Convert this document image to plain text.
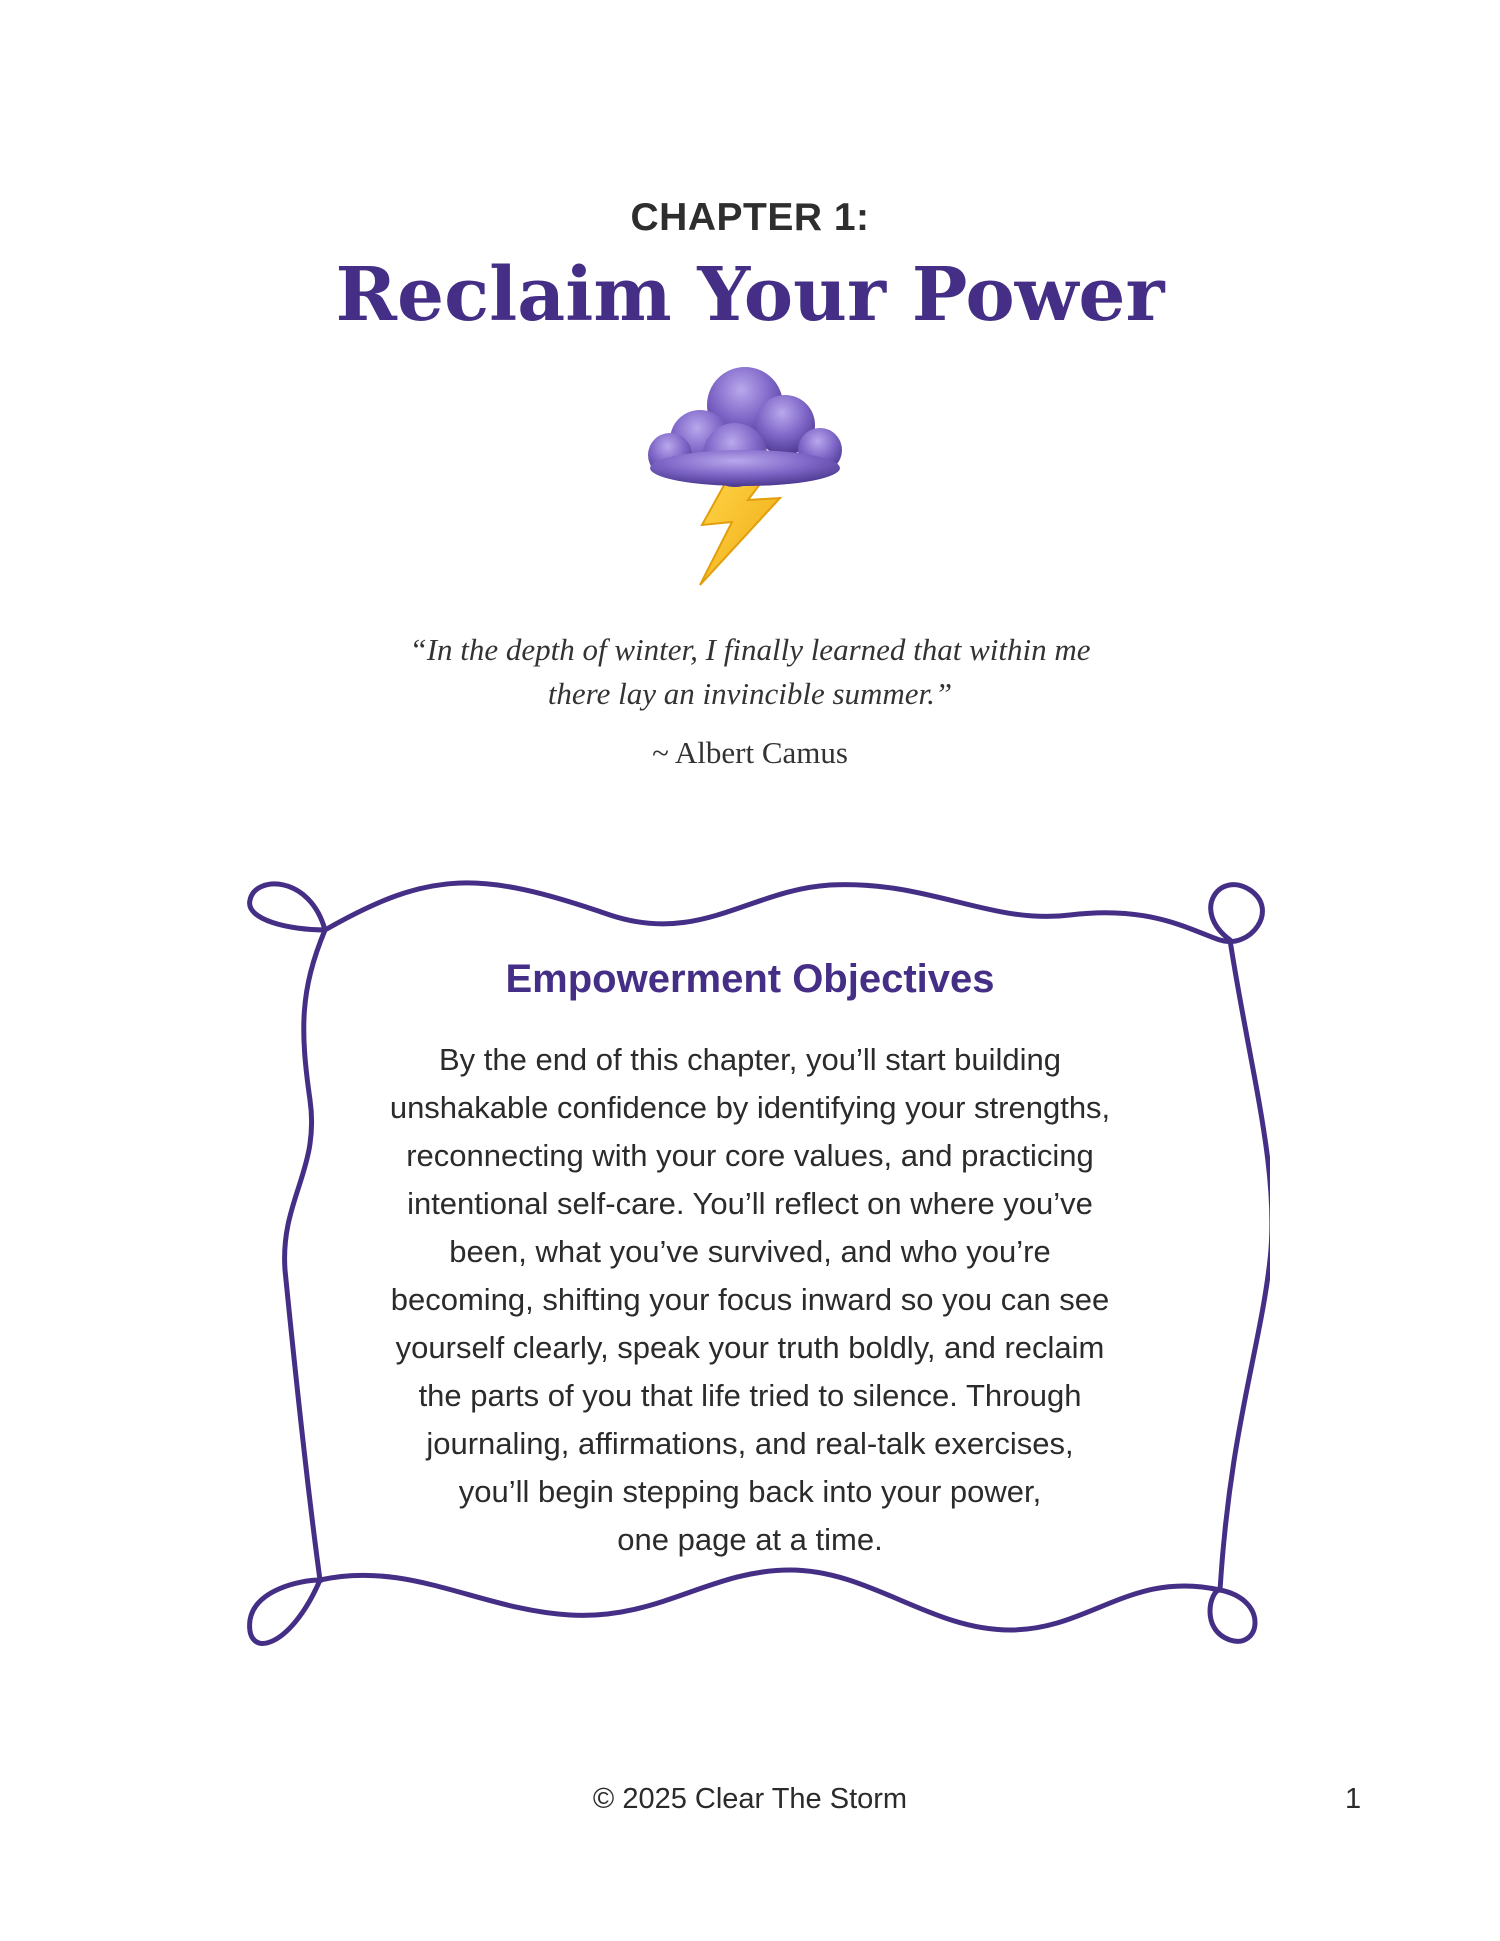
CHAPTER 1:
Reclaim Your Power
“In the depth of winter, I finally learned that within me
there lay an invincible summer.”
~ Albert Camus
Empowerment Objectives
By the end of this chapter, you’ll start building
unshakable confidence by identifying your strengths,
reconnecting with your core values, and practicing
intentional self-care. You’ll reflect on where you’ve
been, what you’ve survived, and who you’re
becoming, shifting your focus inward so you can see
yourself clearly, speak your truth boldly, and reclaim
the parts of you that life tried to silence. Through
journaling, affirmations, and real-talk exercises,
you’ll begin stepping back into your power,
one page at a time.
© 2025 Clear The Storm	1
